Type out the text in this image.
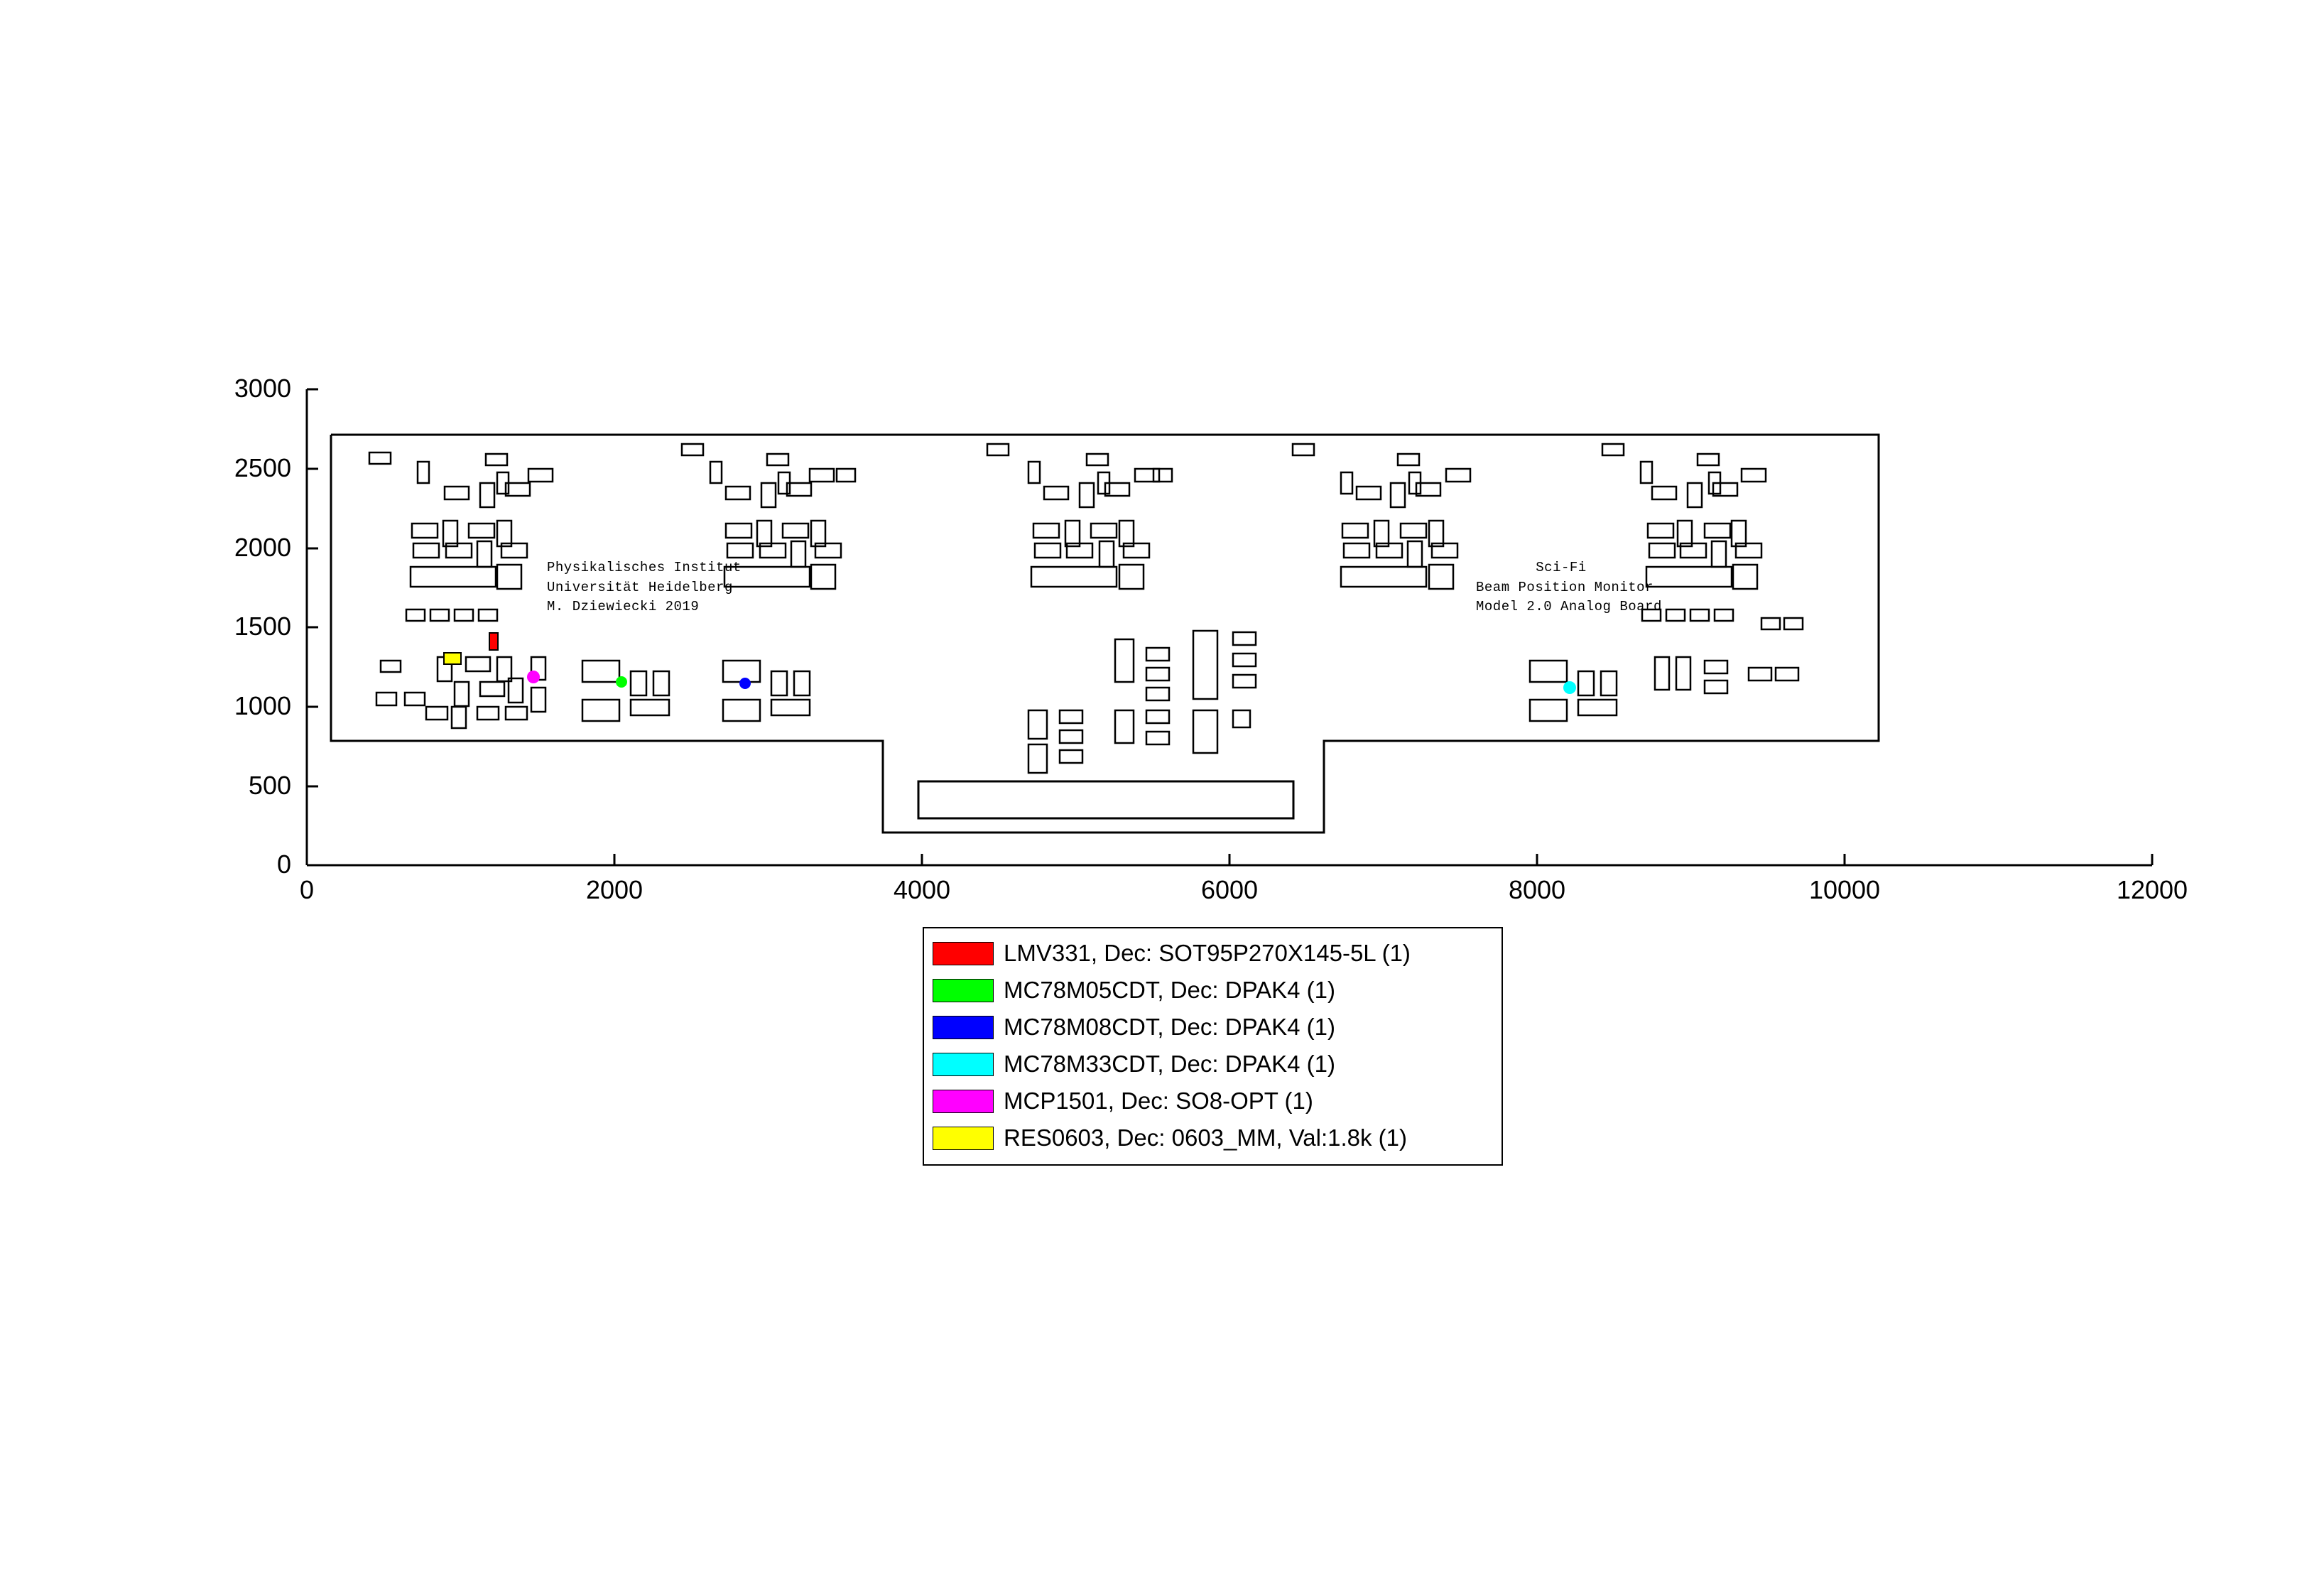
3000
2500
2000
1500
1000
500
0
0	2000	4000	6000	8000	10000	12000
Physikalisches Institut
Universität Heidelberg
M. Dziewiecki 2019
Sci-Fi
Beam Position Monitor
Model 2.0 Analog Board
LMV331, Dec: SOT95P270X145-5L (1)
MC78M05CDT, Dec: DPAK4 (1)
MC78M08CDT, Dec: DPAK4 (1)
MC78M33CDT, Dec: DPAK4 (1)
MCP1501, Dec: SO8-OPT (1)
RES0603, Dec: 0603_MM, Val:1.8k (1)
